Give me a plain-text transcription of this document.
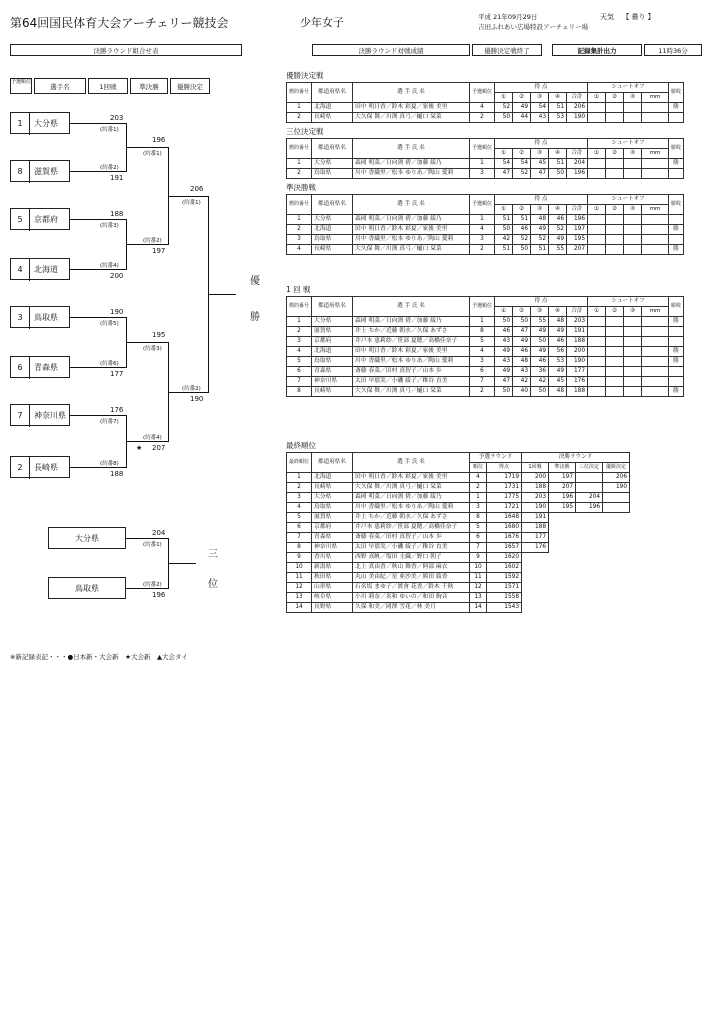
第64回国民体育大会アーチェリー競技会	少年女子	平成 21年09月29日
吉田ふれあい広場特設アーチェリー場
天気 【 曇り 】
決勝ラウンド組合せ表
予選順位
選手名	1回戦	準決勝	優勝決定
1 大分県
8 滋賀県
5 京都府
4 北海道
3 鳥取県
6 青森県
7 神奈川県
2 長崎県
203
(約番1)
191
(約番2)
188
(約番3)
200
(約番4)
190
(約番5)
177
(約番6)
176
(約番7)
188
(約番8)
196
(約番1)
197
(約番2)
195
(約番3)
207
(約番4)
★
206
(約番1)
190
(約番2)
優
勝
大分県
204
(約番1)
鳥取県
196
(約番2)
三
位
決勝ラウンド対戦成績	優勝決定戦終了	記録集計出力	11時36分
優勝決定戦
標的番号	都道府県名	選 手 氏 名	予選順位	得 点					シュートオフ				勝敗
				①	②	③	④	合計	①	②	③	mm	
1	北海道	田中 明日香／鈴木 彩夏／家後 美里	4	52	49	54	51	206					勝
2	長崎県	大久保 舞／川渕 真弓／樋口 栞菜	2	50	44	43	53	190					
三位決定戦
標的番号	都道府県名	選 手 氏 名	予選順位	得 点					シュートオフ				勝敗
				①	②	③	④	合計	①	②	③	mm	
1	大分県	森岡 明菜／日向渕 碧／加藤 綾乃	1	54	54	45	51	204					勝
2	鳥取県	川中 香織里／松本 ゆりあ／陶山 愛莉	3	47	52	47	50	196					
準決勝戦
標的番号	都道府県名	選 手 氏 名	予選順位	得 点					シュートオフ				勝敗
				①	②	③	④	合計	①	②	③	mm	
1	大分県	森岡 明菜／日向渕 碧／加藤 綾乃	1	51	51	48	46	196					
2	北海道	田中 明日香／鈴木 彩夏／家後 美里	4	50	46	49	52	197					勝
3	鳥取県	川中 香織里／松本 ゆりあ／陶山 愛莉	3	42	52	52	49	195					
4	長崎県	大久保 舞／川渕 真弓／樋口 栞菜	2	51	50	51	55	207					勝
1 回 戦
標的番号	都道府県名	選 手 氏 名	予選順位	得 点					シュートオフ				勝敗
				①	②	③	④	合計	①	②	③	mm	
1	大分県	森岡 明菜／日向渕 碧／加藤 綾乃	1	50	50	55	48	203					勝
2	滋賀県	井上 ちか／近藤 朝水／久保 あずさ	8	46	47	49	49	191					
3	京都府	井戸本 恵莉紗／笹部 夏穂／高橋佳奈子	5	43	49	50	46	188					
4	北海道	田中 明日香／鈴木 彩夏／家後 美里	4	49	46	49	56	200					勝
5	鳥取県	川中 香織里／松本 ゆりあ／陶山 愛莉	3	43	48	46	53	190					勝
6	青森県	斎藤 春菜／田村 真智子／山本 歩	6	49	43	36	49	177					
7	神奈川県	太田 早那実／小磯 綾子／稚谷 直美	7	47	42	42	45	176					
8	長崎県	大久保 舞／川渕 真弓／樋口 栞菜	2	50	40	50	48	188					勝
最終順位
最終順位	都道府県名	選 手 氏 名	予選ラウンド		決勝ラウンド			
			順位	得点	1回戦	準決勝	三位決定	優勝決定
1	北海道	田中 明日香／鈴木 彩夏／家後 美里	4	1719	200	197		206
2	長崎県	大久保 舞／川渕 真弓／樋口 栞菜	2	1731	188	207		190
3	大分県	森岡 明菜／日向渕 碧／加藤 綾乃	1	1775	203	196	204	
4	鳥取県	川中 香織里／松本 ゆりあ／陶山 愛莉	3	1721	190	195	196	
5	滋賀県	井上 ちか／近藤 朝水／久保 あずさ	8	1648	191			
6	京都府	井戸本 恵莉紗／笹部 夏穂／高橋佳奈子	5	1680	188			
7	青森県	斎藤 春菜／田村 真智子／山本 歩	6	1676	177			
8	神奈川県	太田 早那実／小磯 綾子／稚谷 直美	7	1657	176			
9	香川県	西野 真帆／塩田 圭織／野口 朝子	9	1620				
10	新潟県	北上 真由香／秋山 舞香／阿部 麻衣	10	1602				
11	秋田県	丸山 美由紀／星 亜沙美／熊田 綾香	11	1592				
12	山形県	石名坂 まゆ子／渡會 花香／鈴木 千秋	12	1571				
13	岐阜県	小川 莉奈／名和 ゆいの／和田 絢音	13	1558				
14	長野県	久保 和美／岡澤 雪花／林 美月	14	1543				
※新記録表記・・・●日本新・大会新　★大会新　▲大会タイ
